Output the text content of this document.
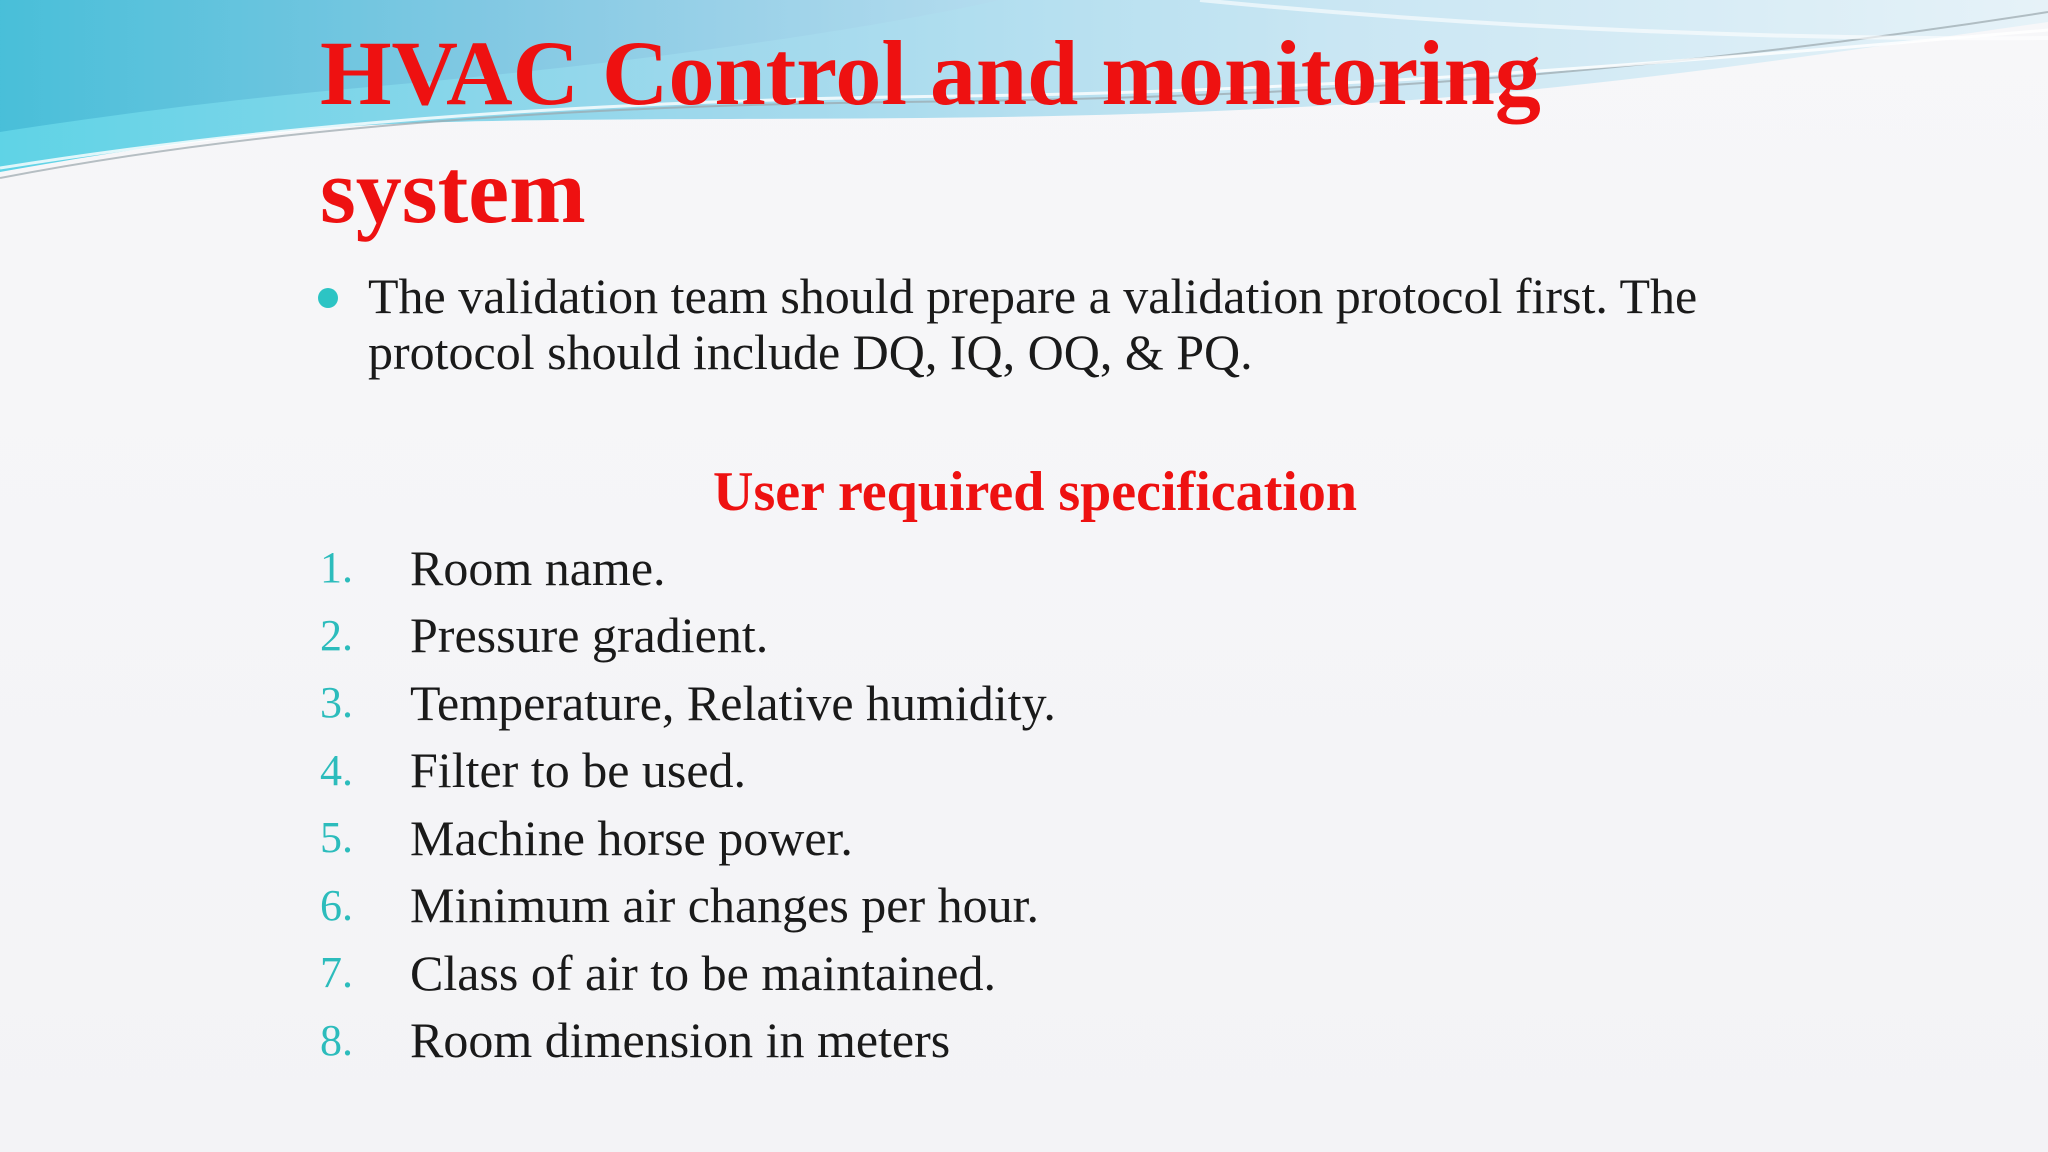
HVAC Control and monitoring system
The validation team should prepare a validation protocol first. The protocol should include DQ, IQ, OQ, & PQ.
User required specification
1.	Room name.
2.	Pressure gradient.
3.	Temperature, Relative humidity.
4.	Filter to be used.
5.	Machine horse power.
6.	Minimum air changes per hour.
7.	Class of air to be maintained.
8.	Room dimension in meters
